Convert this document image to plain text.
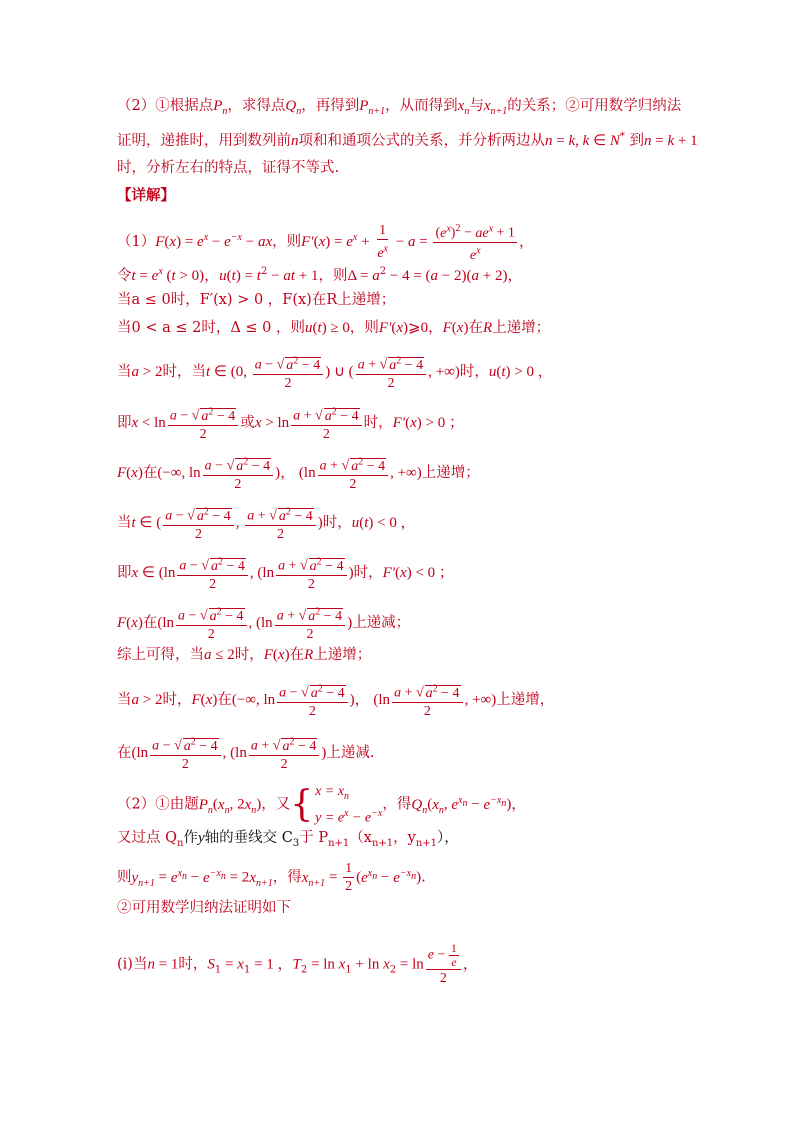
（2）①根据点$P_n$，求得点$Q_n$，再得到$P_{n+1}$，从而得到$x_n$与$x_{n+1}$的关系；②可用数学归纳法
证明，递推时，用到数列前n项和和通项公式的关系，并分析两边从n = k, k ∈ N* 到n = k + 1
时，分析左右的特点，证得不等式.
【详解】
$(1)F(x) = e^x - e^{-x}$ − ax，则$F'(x) = e^x + \frac{1}{e^x} - a = \frac{(e^x)^2 - ae^x + 1}{e^x}$ ，
令$t = e^x$ (t > 0)，$u(t) = t^2$ − at + 1，则$\Delta = a^2 - 4 = (a - 2)(a + 2)$，
当a ≤ 0时，F′(x) > 0 ，F(x)在R上递增；
当0 < a ≤ 2时，Δ ≤ 0 ，则u(t) ≥ 0，则F′(x)⩾0，F(x)在R上递增；
当a > 2时，当t ∈ (0, $\frac{a - √ a^2 - 4}{2}$ ) ∪ ( $\frac{a + √ a^2 - 4}{2}$ , +∞)时，u(t) > 0 ，
即$x < \ln \frac{a - √ a^2 - 4}{2}$ 或$x > \ln \frac{a + √ a^2 - 4}{2}$ 时，F′(x) > 0 ；
F(x)在(−∞, $\ln \frac{a - √ a^2 - 4}{2}$ )， ($\ln \frac{a + √ a^2 - 4}{2}$ , +∞)上递增；
当t ∈ ( $\frac{a - √ a^2 - 4}{2}$ , $\frac{a + √ a^2 - 4}{2}$ )时，u(t) < 0 ，
即x ∈ ($\ln \frac{a - √ a^2 - 4}{2}$ , ($\ln \frac{a + √ a^2 - 4}{2}$ )时，F′(x) < 0 ；
F(x)在($\ln \frac{a - √ a^2 - 4}{2}$ , ($\ln \frac{a + √ a^2 - 4}{2}$ )上递减；
综上可得，当a ≤ 2时，F(x)在R上递增；
当a > 2时，F(x)在(−∞, $\ln \frac{a - √ a^2 - 4}{2}$ )， ($\ln \frac{a + √ a^2 - 4}{2}$ , +∞)上递增，
在($\ln \frac{a - √ a^2 - 4}{2}$ , ($\ln \frac{a + √ a^2 - 4}{2}$ )上递减.
（2）①由题$P_n(x_n$, $2x_n$)，又 { $x = x_n$
$y = e^x - e^{-x}$
，得$Q_n(x_n$, $e^{x_n} - e^{-x_n}$)，
又过点 $Q_n$作y轴的垂线交 $C_3$于 $P_{n+1}(x_{n+1}$，$y_{n+1}$），
则$y_{n+1} = e^{x_n} - e^{-x_n} = 2x_{n+1}$，得$x_{n+1} = \frac{1}{2} (e^{x_n} - e^{-x_n})$.
②可用数学归纳法证明如下
(i)当n = 1时，$S_1 = x_1 = 1$ ，$T_2 = \ln x_1 + \ln x_2 = \ln \frac{e - \frac{1}{e}}{2}$ ，
